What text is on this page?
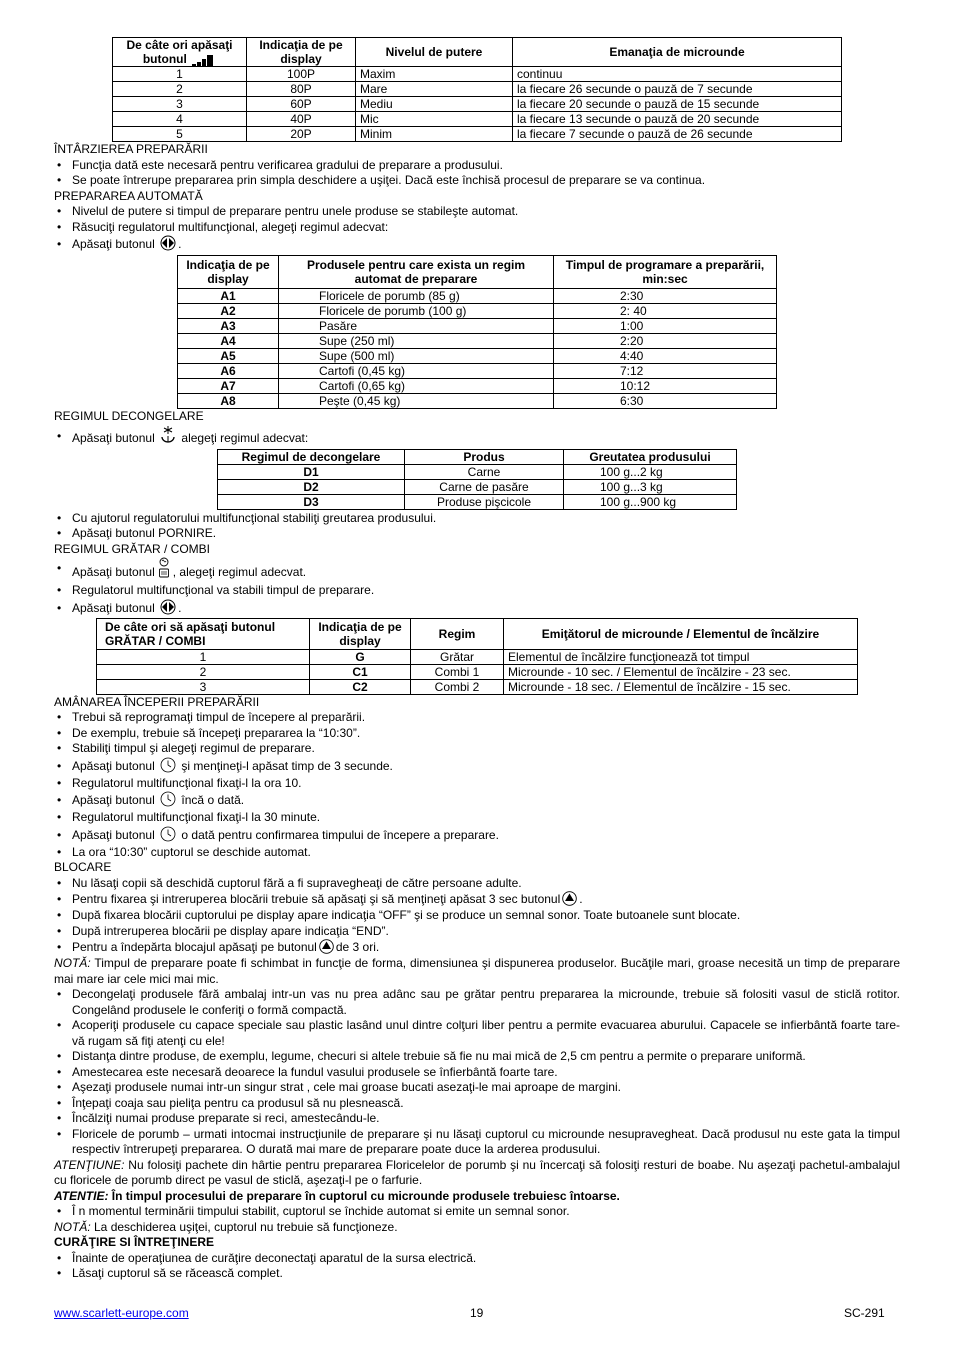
De câte ori apăsaţi butonul	Indicaţia de pe display	Nivelul de putere	Emanaţia de microunde
1	100P	Maxim	continuu
2	80P	Mare	la fiecare 26 secunde o pauză de 7 secunde
3	60P	Mediu	la fiecare 20 secunde o pauză de 15 secunde
4	40P	Mic	la fiecare 13 secunde o pauză de 20 secunde
5	20P	Minim	la fiecare 7 secunde o pauză de 26 secunde

ÎNTÂRZIEREA PREPARĂRII

• Funcţia dată este necesară pentru verificarea gradului de preparare a produsului.
• Se poate întrerupe prepararea prin simpla deschidere a uşiţei. Dacă este închisă procesul de preparare se va continua.

PREPARAREA AUTOMATĂ

• Nivelul de putere si timpul de preparare pentru unele produse se stabileşte automat.
• Răsuciţi regulatorul multifuncţional, alegeţi regimul adecvat:
• Apăsaţi butonul .
Indicaţia de pe display	Produsele pentru care exista un regim automat de preparare	Timpul de programare a preparării, min:sec
A1	Floricele de porumb (85 g)	2:30
A2	Floricele de porumb (100 g)	2: 40
A3	Pasăre	1:00
A4	Supe (250 ml)	2:20
A5	Supe (500 ml)	4:40
A6	Cartofi (0,45 kg)	7:12
A7	Cartofi (0,65 kg)	10:12
A8	Peşte (0,45 kg)	6:30

REGIMUL DECONGELARE

• Apăsaţi butonul alegeţi regimul adecvat:
Regimul de decongelare	Produs	Greutatea produsului
D1	Carne	100 g...2 kg
D2	Carne de pasăre	100 g...3 kg
D3	Produse pişcicole	100 g...900 kg
• Cu ajutorul regulatorului multifuncţional stabiliţi greutarea produsului.
• Apăsaţi butonul PORNIRE.

REGIMUL GRĂTAR / COMBI

• Apăsaţi butonul , alegeţi regimul adecvat.
• Regulatorul multifuncţional va stabili timpul de preparare.
• Apăsaţi butonul .
De câte ori să apăsaţi butonul GRĂTAR / COMBI	Indicaţia de pe display	Regim	Emiţătorul de microunde / Elementul de încălzire
1	G	Grătar	Elementul de încălzire funcţionează tot timpul
2	C1	Combi 1	Microunde - 10 sec. / Elementul de încălzire - 23 sec.
3	C2	Combi 2	Microunde - 18 sec. / Elementul de încălzire - 15 sec.

AMÂNAREA ÎNCEPERII PREPARĂRII

• Trebui să reprogramaţi timpul de începere al preparării.
• De exemplu, trebuie să începeţi prepararea la “10:30”.
• Stabiliţi timpul şi alegeţi regimul de preparare.
• Apăsaţi butonul şi menţineţi-l apăsat timp de 3 secunde.
• Regulatorul multifuncţional fixaţi-l la ora 10.
• Apăsaţi butonul încă o dată.
• Regulatorul multifuncţional fixaţi-l la 30 minute.
• Apăsaţi butonul o dată pentru confirmarea timpului de începere a preparare.
• La ora “10:30” cuptorul se deschide automat.

BLOCARE

• Nu lăsaţi copii să deschidă cuptorul fără a fi supravegheaţi de către persoane adulte.
• Pentru fixarea şi intreruperea blocării trebuie să apăsaţi şi să menţineţi apăsat 3 sec butonul .
• După fixarea blocării cuptorului pe display apare indicaţia “OFF” şi se produce un semnal sonor. Toate butoanele sunt blocate.
• După intreruperea blocării pe display apare indicaţia “END”.
• Pentru a îndepărta blocajul apăsaţi pe butonul de 3 ori.

NOTĂ: Timpul de preparare poate fi schimbat in funcţie de forma, dimensiunea şi dispunerea produselor. Bucăţile mari, groase necesită un timp de preparare mai mare iar cele mici mai mic.

• Decongelaţi produsele fără ambalaj intr-un vas nu prea adânc sau pe grătar pentru prepararea la microunde, trebuie să folositi vasul de sticlă rotitor. Congelând produsele le conferiţi o formă compactă.
• Acoperiţi produsele cu capace speciale sau plastic lasând unul dintre colţuri liber pentru a permite evacuarea aburului. Capacele se infierbântă foarte tare-vă rugam să fiţi atenţi cu ele!
• Distanţa dintre produse, de exemplu, legume, checuri si altele trebuie să fie nu mai mică de 2,5 cm pentru a permite o preparare uniformă.
• Amestecarea este necesară deoarece la fundul vasului produsele se înfierbântă foarte tare.
• Aşezaţi produsele numai intr-un singur strat , cele mai groase bucati asezaţi-le mai aproape de margini.
• Înţepaţi coaja sau pieliţa pentru ca produsul să nu plesnească.
• Încălziţi numai produse preparate si reci, amestecându-le.
• Floricele de porumb – urmati intocmai instrucţiunile de preparare şi nu lăsaţi cuptorul cu microunde nesupravegheat. Dacă produsul nu este gata la timpul respectiv întrerupeţi prepararea. O durată mai mare de preparare poate duce la arderea produsului.

ATENŢIUNE: Nu folosiţi pachete din hârtie pentru prepararea Floricelelor de porumb şi nu încercaţi să folosiţi resturi de boabe. Nu aşezaţi pachetul-ambalajul cu floricele de porumb direct pe vasul de sticlă, aşezaţi-l pe o farfurie.

ATENTIE: În timpul procesului de preparare în cuptorul cu microunde produsele trebuiesc întoarse.

• Î n momentul terminării timpului stabilit, cuptorul se închide automat si emite un semnal sonor.

NOTĂ: La deschiderea uşiţei, cuptorul nu trebuie să funcţioneze.

CURĂŢIRE SI ÎNTREŢINERE

• Înainte de operaţiunea de curăţire deconectaţi aparatul de la sursa electrică.
• Lăsaţi cuptorul să se răcească complet.
www.scarlett-europe.com	19	SC-291
